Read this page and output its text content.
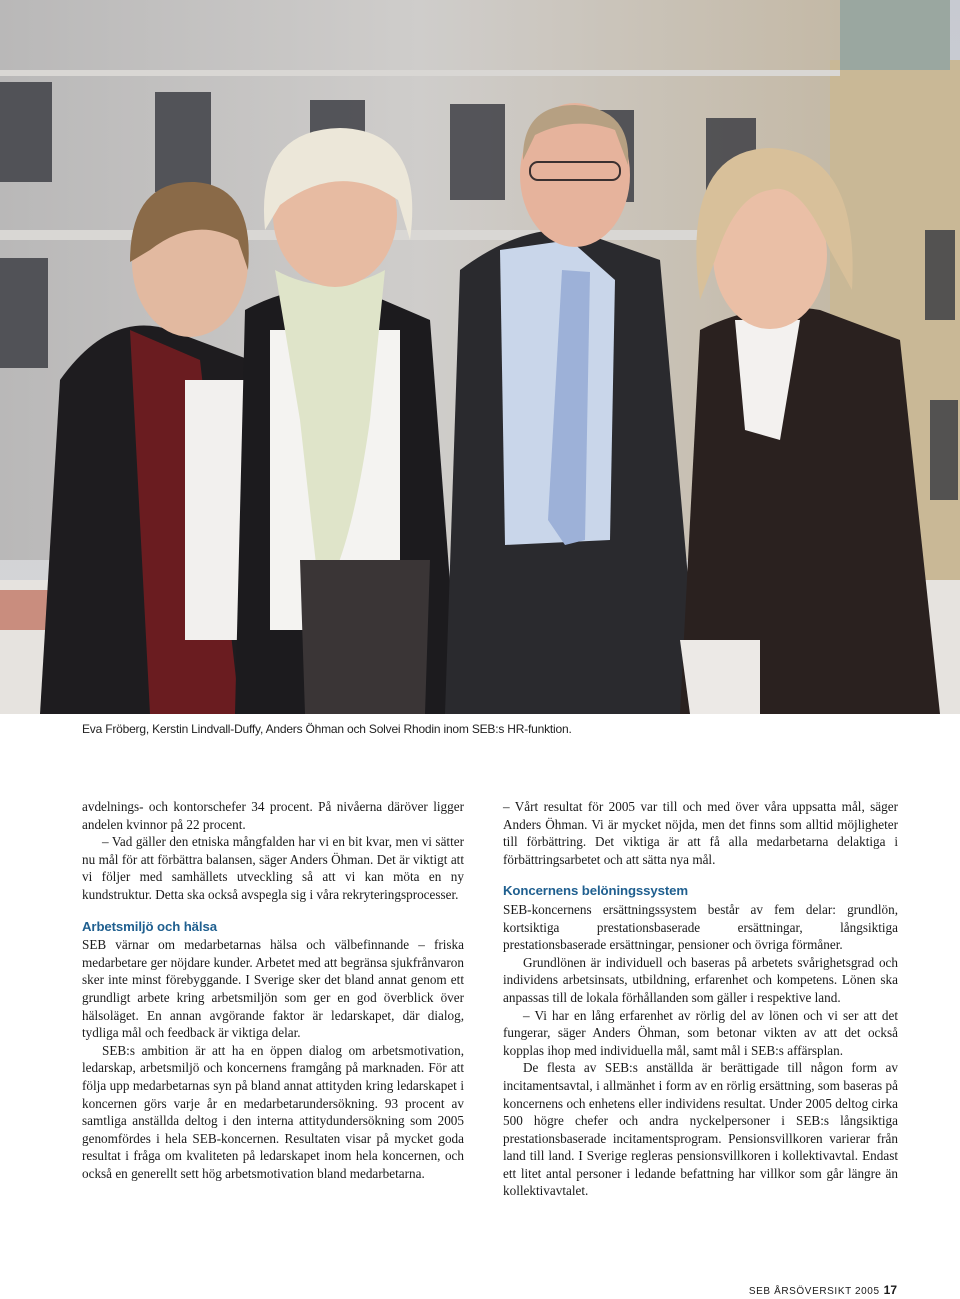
Eva Fröberg, Kerstin Lindvall-Duffy, Anders Öhman och Solvei Rhodin inom SEB:s HR-funktion.

avdelnings- och kontorschefer 34 procent. På nivåerna däröver ligger andelen kvinnor på 22 procent.

– Vad gäller den etniska mångfalden har vi en bit kvar, men vi sätter nu mål för att förbättra balansen, säger Anders Öhman. Det är viktigt att vi följer med samhällets utveckling så att vi kan möta en ny kundstruktur. Detta ska också avspegla sig i våra rekryteringsprocesser.

Arbetsmiljö och hälsa

SEB värnar om medarbetarnas hälsa och välbefinnande – friska medarbetare ger nöjdare kunder. Arbetet med att begränsa sjukfrånvaron sker inte minst förebyggande. I Sverige sker det bland annat genom ett grundligt arbete kring arbetsmiljön som ger en god överblick över hälsoläget. En annan avgörande faktor är ledarskapet, där dialog, tydliga mål och feedback är viktiga delar.

SEB:s ambition är att ha en öppen dialog om arbetsmotivation, ledarskap, arbetsmiljö och koncernens framgång på marknaden. För att följa upp medarbetarnas syn på bland annat attityden kring ledarskapet i koncernen görs varje år en medarbetarundersökning. 93 procent av samtliga anställda deltog i den interna attitydundersökning som 2005 genomfördes i hela SEB-koncernen. Resultaten visar på mycket goda resultat i fråga om kvaliteten på ledarskapet inom hela koncernen, och också en generellt sett hög arbetsmotivation bland medarbetarna.

– Vårt resultat för 2005 var till och med över våra uppsatta mål, säger Anders Öhman. Vi är mycket nöjda, men det finns som alltid möjligheter till förbättring. Det viktiga är att få alla medarbetarna delaktiga i förbättringsarbetet och att sätta nya mål.

Koncernens belöningssystem

SEB-koncernens ersättningssystem består av fem delar: grundlön, kortsiktiga prestationsbaserade ersättningar, långsiktiga prestationsbaserade ersättningar, pensioner och övriga förmåner.

Grundlönen är individuell och baseras på arbetets svårighetsgrad och individens arbetsinsats, utbildning, erfarenhet och kompetens. Lönen ska anpassas till de lokala förhållanden som gäller i respektive land.

– Vi har en lång erfarenhet av rörlig del av lönen och vi ser att det fungerar, säger Anders Öhman, som betonar vikten av att det också kopplas ihop med individuella mål, samt mål i SEB:s affärsplan.

De flesta av SEB:s anställda är berättigade till någon form av incitamentsavtal, i allmänhet i form av en rörlig ersättning, som baseras på koncernens och enhetens eller individens resultat. Under 2005 deltog cirka 500 högre chefer och andra nyckelpersoner i SEB:s långsiktiga prestationsbaserade incitamentsprogram. Pensionsvillkoren varierar från land till land. I Sverige regleras pensionsvillkoren i kollektivavtal. Endast ett litet antal personer i ledande befattning har villkor som går längre än kollektivavtalet.

SEB ÅRSÖVERSIKT 2005 17
